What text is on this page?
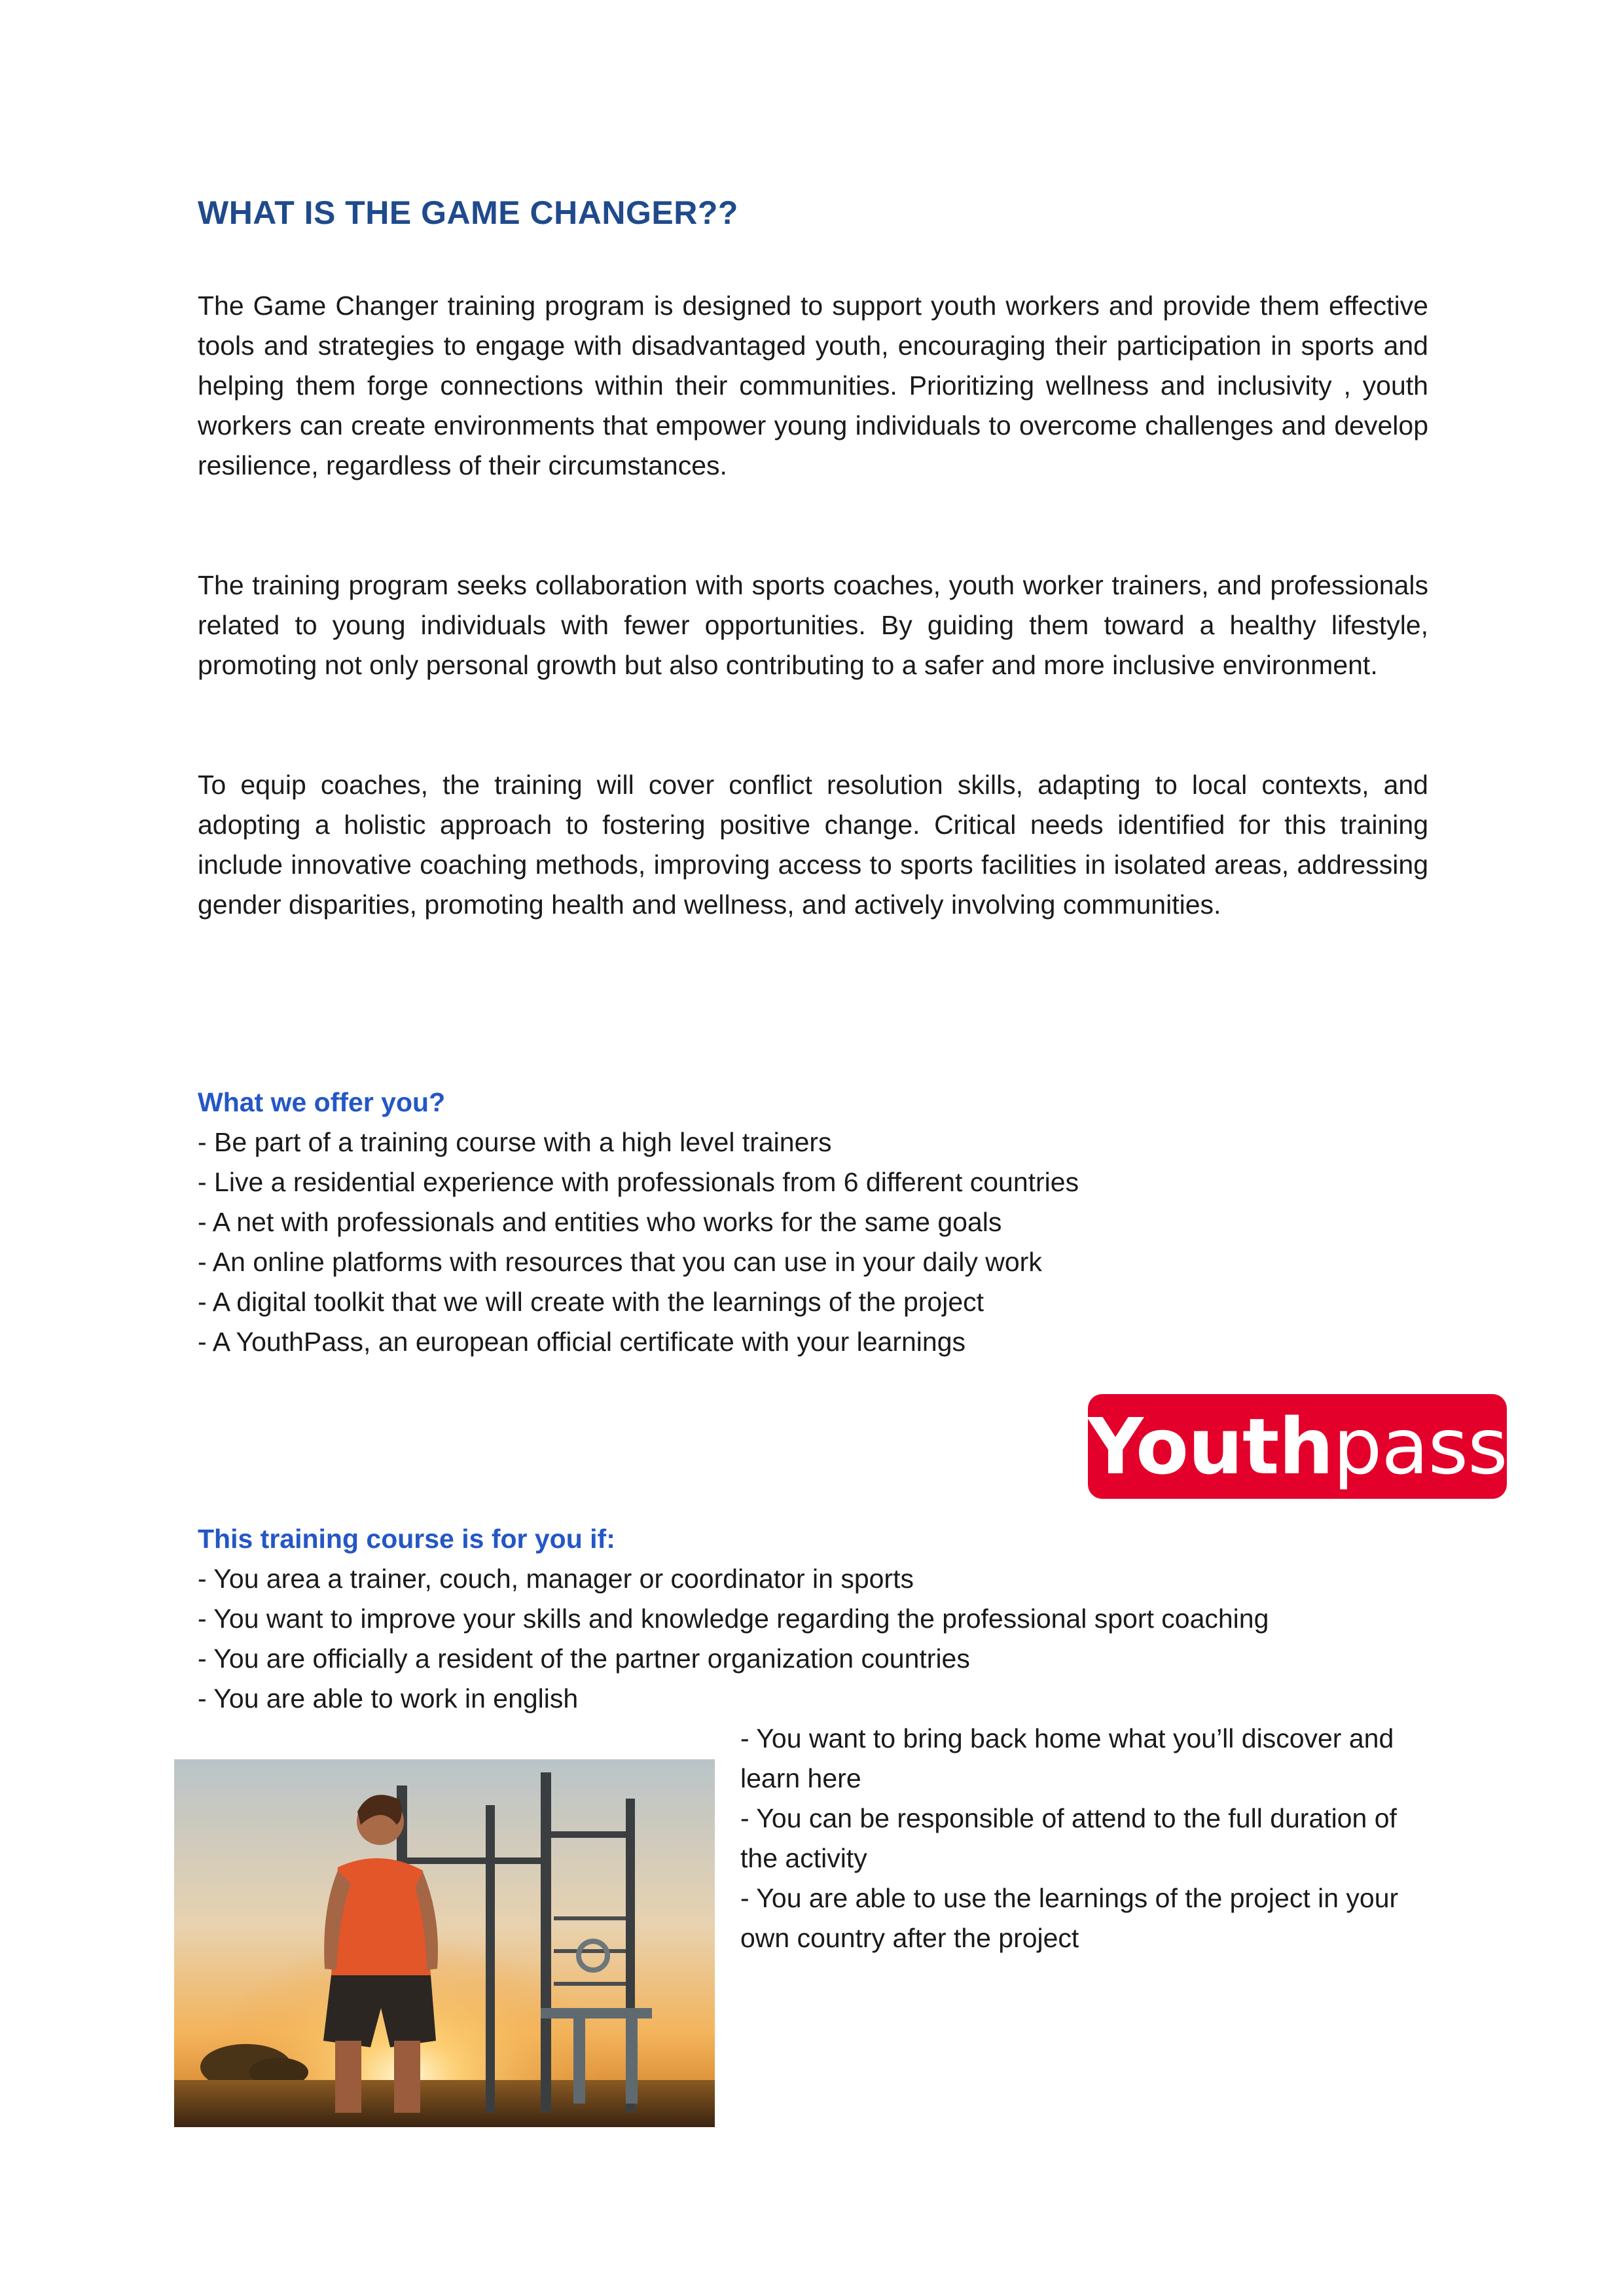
WHAT IS THE GAME CHANGER??

The Game Changer training program is designed to support youth workers and provide them effective tools and strategies to engage with disadvantaged youth, encouraging their participation in sports and helping them forge connections within their communities. Prioritizing wellness and inclusivity , youth workers can create environments that empower young individuals to overcome challenges and develop resilience, regardless of their circumstances.

The training program seeks collaboration with sports coaches, youth worker trainers, and professionals related to young individuals with fewer opportunities. By guiding them toward a healthy lifestyle, promoting not only personal growth but also contributing to a safer and more inclusive environment.

To equip coaches, the training will cover conflict resolution skills, adapting to local contexts, and adopting a holistic approach to fostering positive change. Critical needs identified for this training include innovative coaching methods, improving access to sports facilities in isolated areas, addressing gender disparities, promoting health and wellness, and actively involving communities.

What we offer you?
- Be part of a training course with a high level trainers
- Live a residential experience with professionals from 6 different countries
- A net with professionals and entities who works for the same goals
- An online platforms with resources that you can use in your daily work
- A digital toolkit that we will create with the learnings of the project
- A YouthPass, an european official certificate with your learnings
Youth pass
This training course is for you if:
- You area a trainer, couch, manager or coordinator in sports
- You want to improve your skills and knowledge regarding the professional sport coaching
- You are officially a resident of the partner organization countries
- You are able to work in english
- You want to bring back home what you’ll discover and learn here
- You can be responsible of attend to the full duration of the activity
- You are able to use the learnings of the project in your own country after the project
